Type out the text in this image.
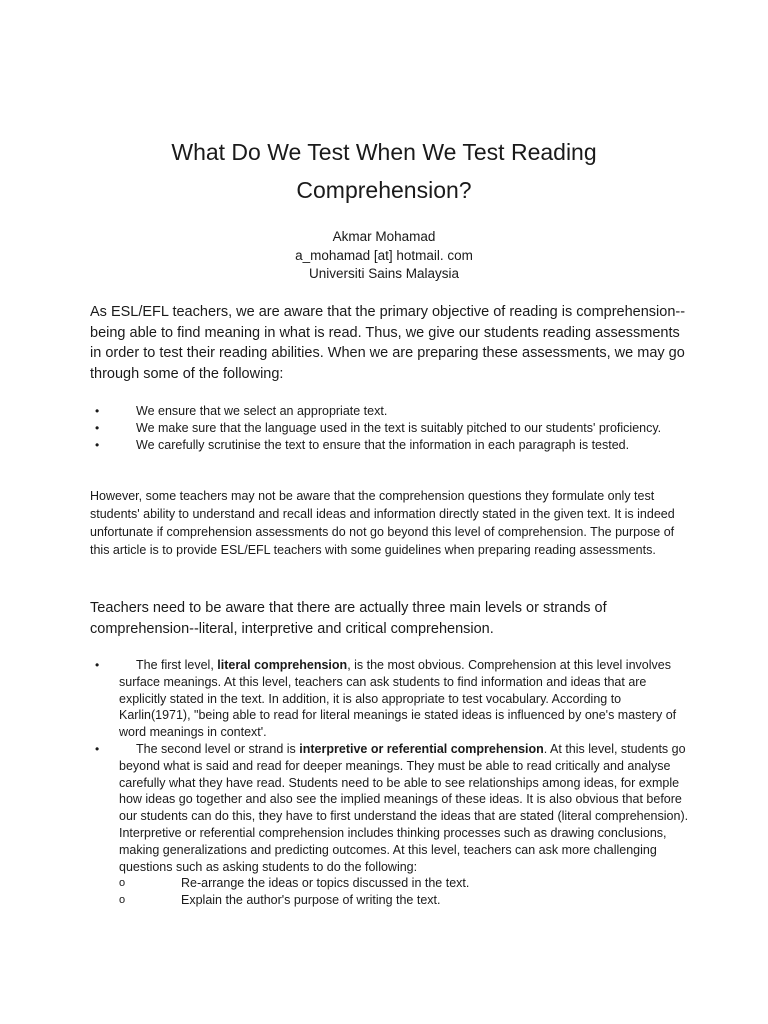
What Do We Test When We Test Reading
Comprehension?
Akmar Mohamad
a_mohamad [at] hotmail. com
Universiti Sains Malaysia

As ESL/EFL teachers, we are aware that the primary objective of reading is comprehension--being able to find meaning in what is read. Thus, we give our students reading assessments in order to test their reading abilities. When we are preparing these assessments, we may go through some of the following:

•	We ensure that we select an appropriate text.
•	We make sure that the language used in the text is suitably pitched to our students' proficiency.
•	We carefully scrutinise the text to ensure that the information in each paragraph is tested.

However, some teachers may not be aware that the comprehension questions they formulate only test students' ability to understand and recall ideas and information directly stated in the given text. It is indeed unfortunate if comprehension assessments do not go beyond this level of comprehension. The purpose of this article is to provide ESL/EFL teachers with some guidelines when preparing reading assessments.

Teachers need to be aware that there are actually three main levels or strands of comprehension--literal, interpretive and critical comprehension.

•	The first level, literal comprehension, is the most obvious. Comprehension at this level involves surface meanings. At this level, teachers can ask students to find information and ideas that are explicitly stated in the text. In addition, it is also appropriate to test vocabulary. According to Karlin(1971), "being able to read for literal meanings ie stated ideas is influenced by one's mastery of word meanings in context'.
•	The second level or strand is interpretive or referential comprehension. At this level, students go beyond what is said and read for deeper meanings. They must be able to read critically and analyse carefully what they have read. Students need to be able to see relationships among ideas, for exmple how ideas go together and also see the implied meanings of these ideas. It is also obvious that before our students can do this, they have to first understand the ideas that are stated (literal comprehension). Interpretive or referential comprehension includes thinking processes such as drawing conclusions, making generalizations and predicting outcomes. At this level, teachers can ask more challenging questions such as asking students to do the following:
o	Re-arrange the ideas or topics discussed in the text.
o	Explain the author's purpose of writing the text.
